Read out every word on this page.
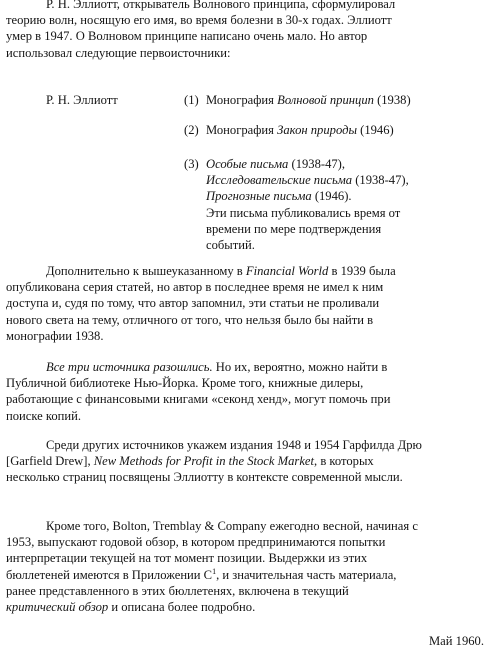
Р. Н. Эллиотт, открыватель Волнового принципа, сформулировал
теорию волн, носящую его имя, во время болезни в 30-х годах. Эллиотт
умер в 1947. О Волновом принципе написано очень мало. Но автор
использовал следующие первоисточники:

Р. Н. Эллиотт	(1) Монография Волновой принцип (1938)
(2) Монография Закон природы (1946)
(3) Особые письма (1938-47),
Исследовательские письма (1938-47),
Прогнозные письма (1946).
Эти письма публиковались время от
времени по мере подтверждения
событий.

Дополнительно к вышеуказанному в Financial World в 1939 была
опубликована серия статей, но автор в последнее время не имел к ним
доступа и, судя по тому, что автор запомнил, эти статьи не проливали
нового света на тему, отличного от того, что нельзя было бы найти в
монографии 1938.

Все три источника разошлись. Но их, вероятно, можно найти в
Публичной библиотеке Нью-Йорка. Кроме того, книжные дилеры,
работающие с финансовыми книгами «секонд хенд», могут помочь при
поиске копий.

Среди других источников укажем издания 1948 и 1954 Гарфилда Дрю
[Garfield Drew], New Methods for Profit in the Stock Market, в которых
несколько страниц посвящены Эллиотту в контексте современной мысли.

Кроме того, Bolton, Tremblay & Company ежегодно весной, начиная с
1953, выпускают годовой обзор, в котором предпринимаются попытки
интерпретации текущей на тот момент позиции. Выдержки из этих
бюллетеней имеются в Приложении $С^1$, и значительная часть материала,
ранее представленного в этих бюллетенях, включена в текущий
критический обзор и описана более подробно.

Май 1960.
